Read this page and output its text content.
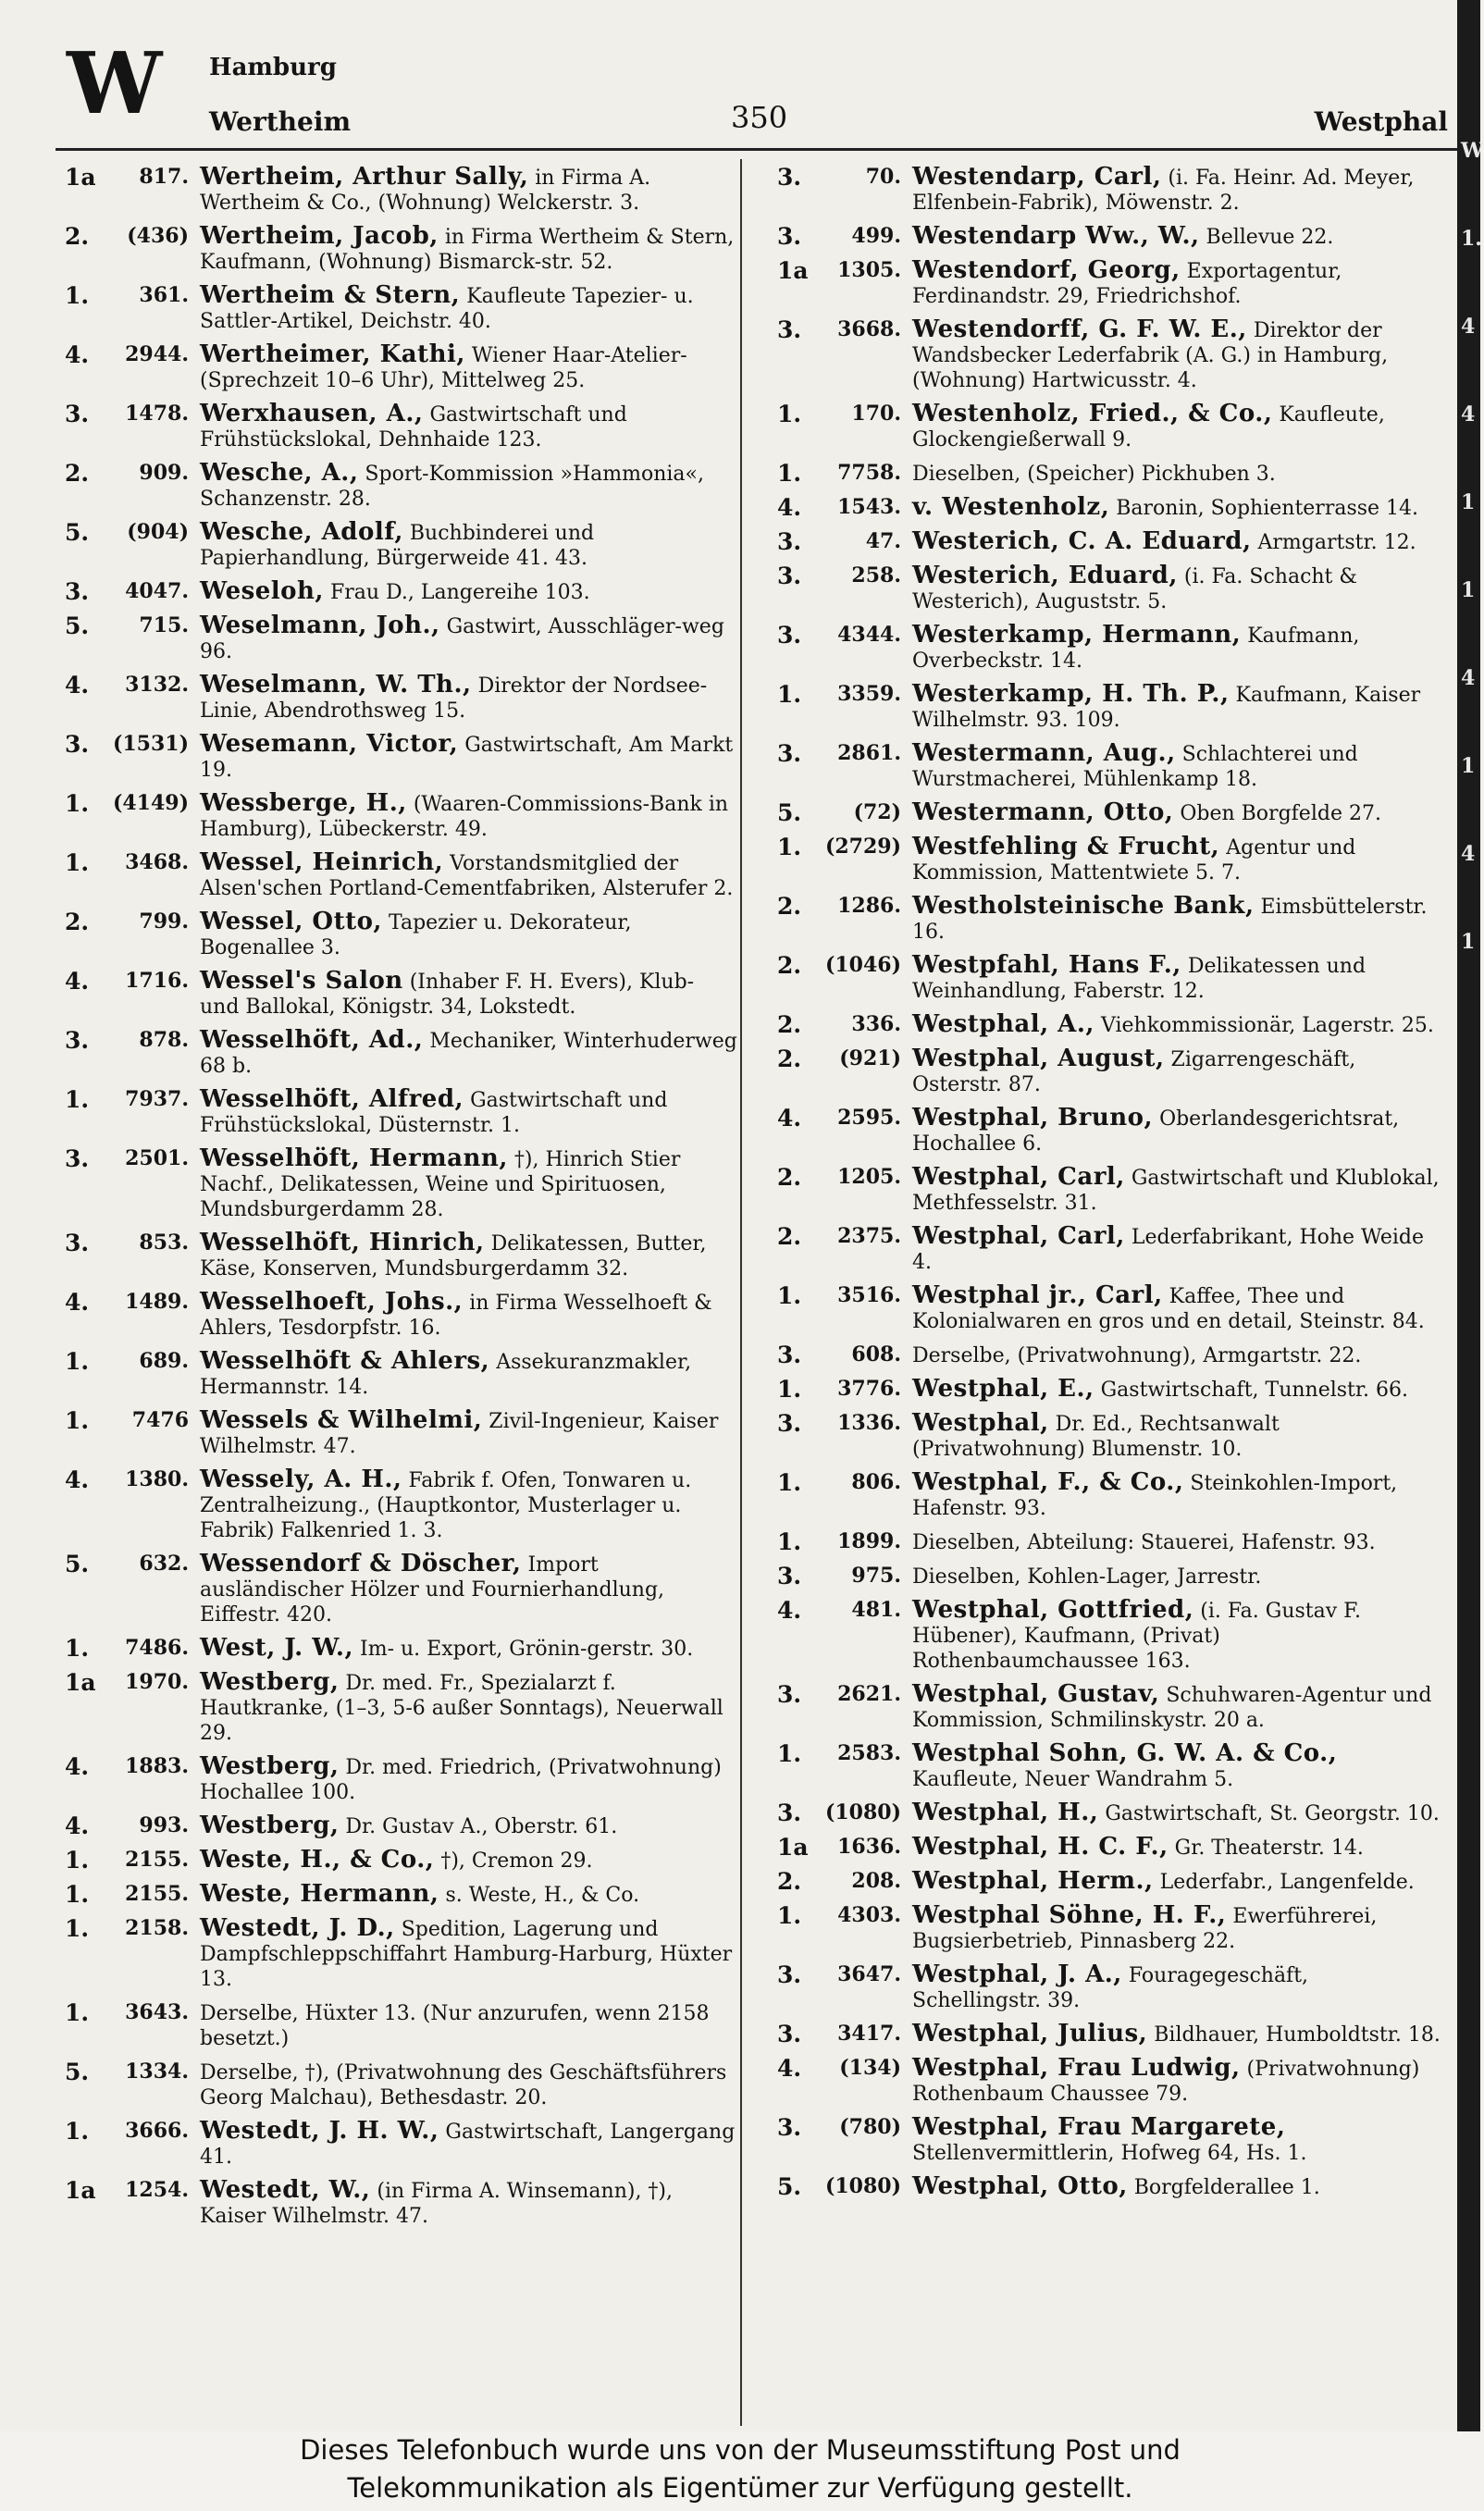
W Hamburg
Wertheim	350	Westphal
1a	817. Wertheim, Arthur Sally, in Firma A. Wertheim & Co., (Wohnung) Welckerstr. 3.
2.	(436) Wertheim, Jacob, in Firma Wertheim & Stern, Kaufmann, (Wohnung) Bismarck-str. 52.
1.	361. Wertheim & Stern, Kaufleute Tapezier- u. Sattler-Artikel, Deichstr. 40.
4.	2944. Wertheimer, Kathi, Wiener Haar-Atelier- (Sprechzeit 10–6 Uhr), Mittelweg 25.
3.	1478. Werxhausen, A., Gastwirtschaft und Frühstückslokal, Dehnhaide 123.
2.	909. Wesche, A., Sport-Kommission »Hammonia«, Schanzenstr. 28.
5.	(904) Wesche, Adolf, Buchbinderei und Papierhandlung, Bürgerweide 41. 43.
3.	4047. Weseloh, Frau D., Langereihe 103.
5.	715. Weselmann, Joh., Gastwirt, Ausschläger-weg 96.
4.	3132. Weselmann, W. Th., Direktor der Nordsee-Linie, Abendrothsweg 15.
3.	(1531) Wesemann, Victor, Gastwirtschaft, Am Markt 19.
1.	(4149) Wessberge, H., (Waaren-Commissions-Bank in Hamburg), Lübeckerstr. 49.
1.	3468. Wessel, Heinrich, Vorstandsmitglied der Alsen'schen Portland-Cementfabriken, Alsterufer 2.
2.	799. Wessel, Otto, Tapezier u. Dekorateur, Bogenallee 3.
4.	1716. Wessel's Salon (Inhaber F. H. Evers), Klub- und Ballokal, Königstr. 34, Lokstedt.
3.	878. Wesselhöft, Ad., Mechaniker, Winterhuderweg 68 b.
1.	7937. Wesselhöft, Alfred, Gastwirtschaft und Frühstückslokal, Düsternstr. 1.
3.	2501. Wesselhöft, Hermann, †), Hinrich Stier Nachf., Delikatessen, Weine und Spirituosen, Mundsburgerdamm 28.
3.	853. Wesselhöft, Hinrich, Delikatessen, Butter, Käse, Konserven, Mundsburgerdamm 32.
4.	1489. Wesselhoeft, Johs., in Firma Wesselhoeft & Ahlers, Tesdorpfstr. 16.
1.	689. Wesselhöft & Ahlers, Assekuranzmakler, Hermannstr. 14.
1.	7476 Wessels & Wilhelmi, Zivil-Ingenieur, Kaiser Wilhelmstr. 47.
4.	1380. Wessely, A. H., Fabrik f. Ofen, Tonwaren u. Zentralheizung., (Hauptkontor, Musterlager u. Fabrik) Falkenried 1. 3.
5.	632. Wessendorf & Döscher, Import ausländischer Hölzer und Fournierhandlung, Eiffestr. 420.
1.	7486. West, J. W., Im- u. Export, Grönin-gerstr. 30.
1a	1970. Westberg, Dr. med. Fr., Spezialarzt f. Hautkranke, (1–3, 5-6 außer Sonntags), Neuerwall 29.
4.	1883. Westberg, Dr. med. Friedrich, (Privatwohnung) Hochallee 100.
4.	993. Westberg, Dr. Gustav A., Oberstr. 61.
1.	2155. Weste, H., & Co., †), Cremon 29.
1.	2155. Weste, Hermann, s. Weste, H., & Co.
1.	2158. Westedt, J. D., Spedition, Lagerung und Dampfschleppschiffahrt Hamburg-Harburg, Hüxter 13.
1.	3643. Derselbe, Hüxter 13. (Nur anzurufen, wenn 2158 besetzt.)
5.	1334. Derselbe, †), (Privatwohnung des Geschäftsführers Georg Malchau), Bethesdastr. 20.
1.	3666. Westedt, J. H. W., Gastwirtschaft, Langergang 41.
1a	1254. Westedt, W., (in Firma A. Winsemann), †), Kaiser Wilhelmstr. 47.
3.	70. Westendarp, Carl, (i. Fa. Heinr. Ad. Meyer, Elfenbein-Fabrik), Möwenstr. 2.
3.	499. Westendarp Ww., W., Bellevue 22.
1a	1305. Westendorf, Georg, Exportagentur, Ferdinandstr. 29, Friedrichshof.
3.	3668. Westendorff, G. F. W. E., Direktor der Wandsbecker Lederfabrik (A. G.) in Hamburg, (Wohnung) Hartwicusstr. 4.
1.	170. Westenholz, Fried., & Co., Kaufleute, Glockengießerwall 9.
1.	7758. Dieselben, (Speicher) Pickhuben 3.
4.	1543. v. Westenholz, Baronin, Sophienterrasse 14.
3.	47. Westerich, C. A. Eduard, Armgartstr. 12.
3.	258. Westerich, Eduard, (i. Fa. Schacht & Westerich), Auguststr. 5.
3.	4344. Westerkamp, Hermann, Kaufmann, Overbeckstr. 14.
1.	3359. Westerkamp, H. Th. P., Kaufmann, Kaiser Wilhelmstr. 93. 109.
3.	2861. Westermann, Aug., Schlachterei und Wurstmacherei, Mühlenkamp 18.
5.	(72) Westermann, Otto, Oben Borgfelde 27.
1.	(2729) Westfehling & Frucht, Agentur und Kommission, Mattentwiete 5. 7.
2.	1286. Westholsteinische Bank, Eimsbüttelerstr. 16.
2.	(1046) Westpfahl, Hans F., Delikatessen und Weinhandlung, Faberstr. 12.
2.	336. Westphal, A., Viehkommissionär, Lagerstr. 25.
2.	(921) Westphal, August, Zigarrengeschäft, Osterstr. 87.
4.	2595. Westphal, Bruno, Oberlandesgerichtsrat, Hochallee 6.
2.	1205. Westphal, Carl, Gastwirtschaft und Klublokal, Methfesselstr. 31.
2.	2375. Westphal, Carl, Lederfabrikant, Hohe Weide 4.
1.	3516. Westphal jr., Carl, Kaffee, Thee und Kolonialwaren en gros und en detail, Steinstr. 84.
3.	608. Derselbe, (Privatwohnung), Armgartstr. 22.
1.	3776. Westphal, E., Gastwirtschaft, Tunnelstr. 66.
3.	1336. Westphal, Dr. Ed., Rechtsanwalt (Privatwohnung) Blumenstr. 10.
1.	806. Westphal, F., & Co., Steinkohlen-Import, Hafenstr. 93.
1.	1899. Dieselben, Abteilung: Stauerei, Hafenstr. 93.
3.	975. Dieselben, Kohlen-Lager, Jarrestr.
4.	481. Westphal, Gottfried, (i. Fa. Gustav F. Hübener), Kaufmann, (Privat) Rothenbaumchaussee 163.
3.	2621. Westphal, Gustav, Schuhwaren-Agentur und Kommission, Schmilinskystr. 20 a.
1.	2583. Westphal Sohn, G. W. A. & Co., Kaufleute, Neuer Wandrahm 5.
3.	(1080) Westphal, H., Gastwirtschaft, St. Georgstr. 10.
1a	1636. Westphal, H. C. F., Gr. Theaterstr. 14.
2.	208. Westphal, Herm., Lederfabr., Langenfelde.
1.	4303. Westphal Söhne, H. F., Ewerführerei, Bugsierbetrieb, Pinnasberg 22.
3.	3647. Westphal, J. A., Fouragegeschäft, Schellingstr. 39.
3.	3417. Westphal, Julius, Bildhauer, Humboldtstr. 18.
4.	(134) Westphal, Frau Ludwig, (Privatwohnung) Rothenbaum Chaussee 79.
3.	(780) Westphal, Frau Margarete, Stellenvermittlerin, Hofweg 64, Hs. 1.
5.	(1080) Westphal, Otto, Borgfelderallee 1.
W
1.
4
4
1
1
4
1
4
1
Dieses Telefonbuch wurde uns von der Museumsstiftung Post und
Telekommunikation als Eigentümer zur Verfügung gestellt.
